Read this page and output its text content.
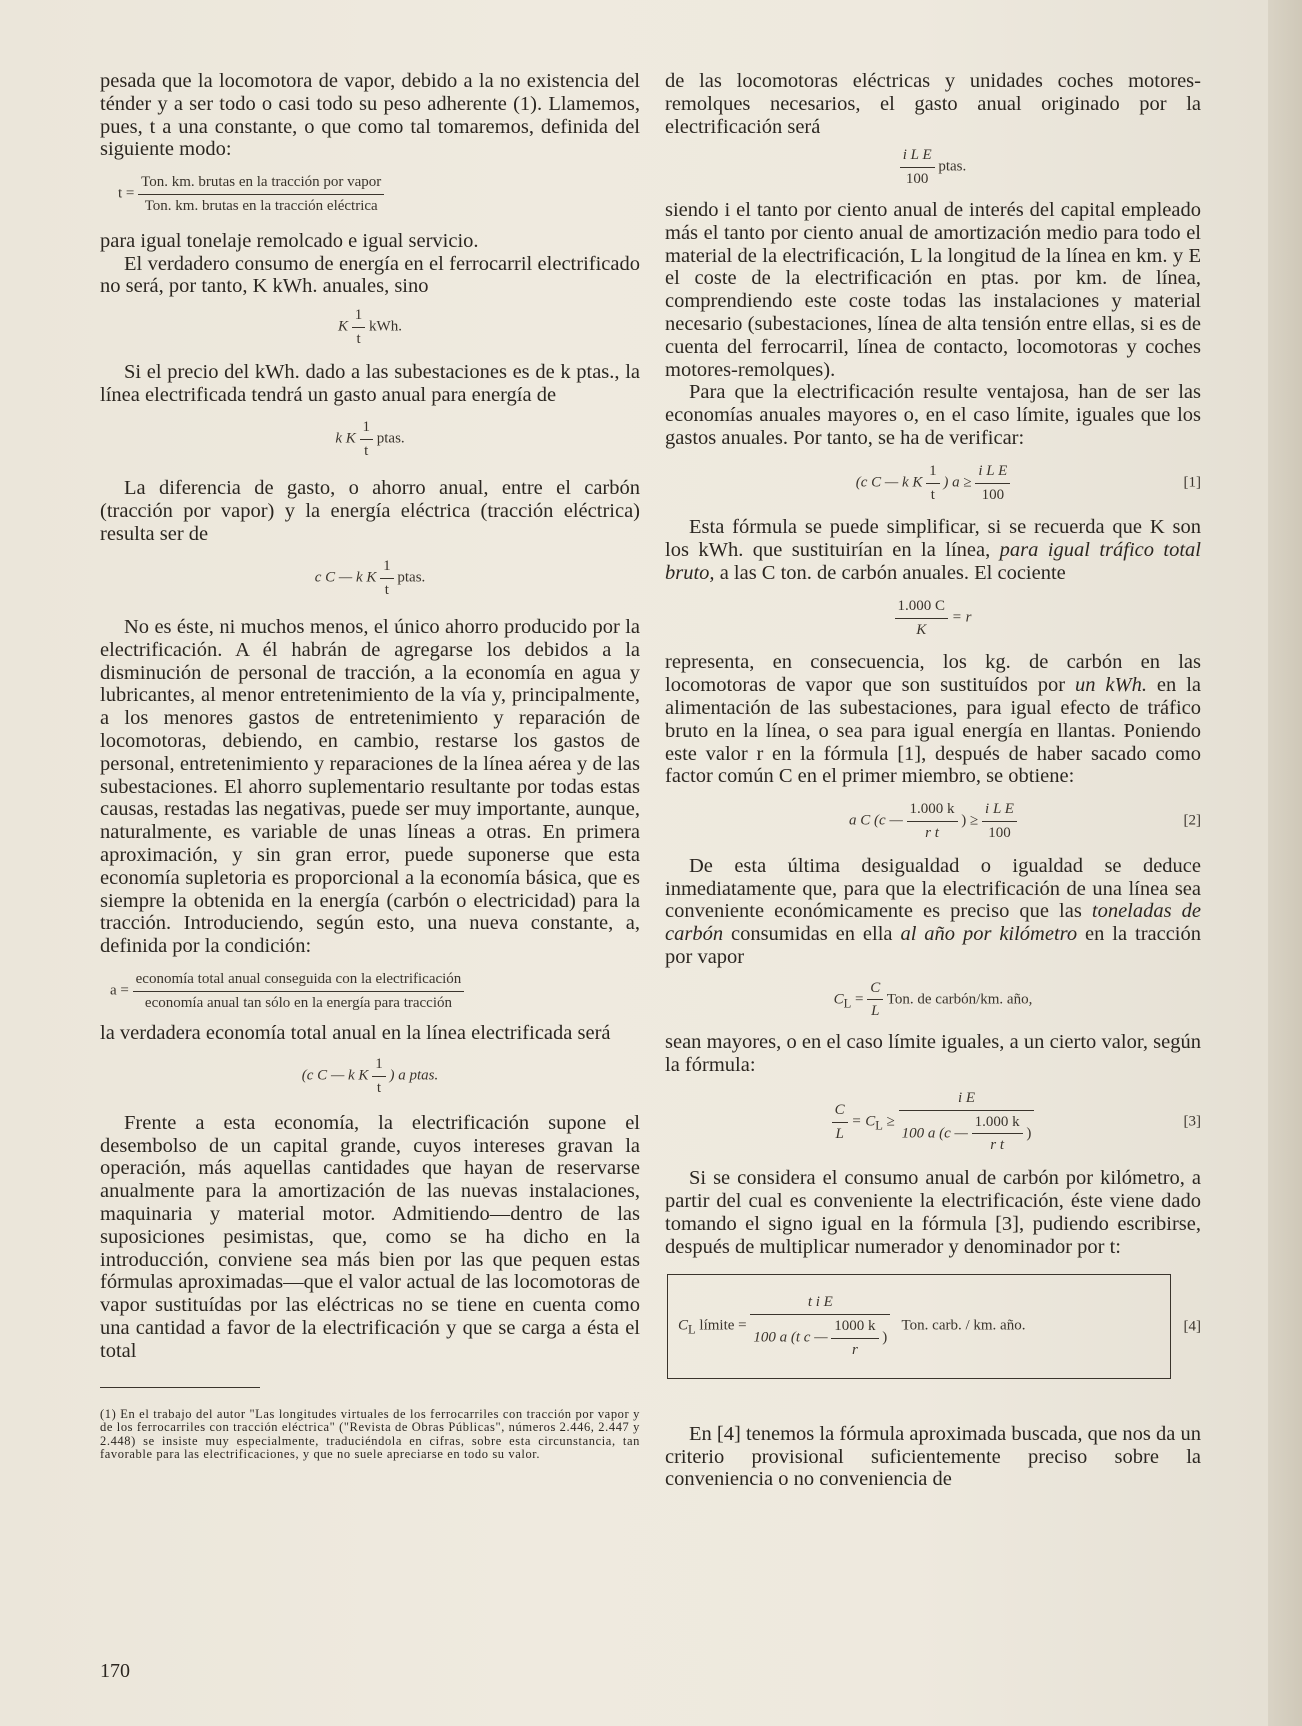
pesada que la locomotora de vapor, debido a la no existencia del ténder y a ser todo o casi todo su peso adherente (1). Llamemos, pues, t a una constante, o que como tal tomaremos, definida del siguiente modo:

$t = \frac{\text{Ton. km. brutas en la tracción por vapor}}{\text{Ton. km. brutas en la tracción eléctrica}}$

para igual tonelaje remolcado e igual servicio.

El verdadero consumo de energía en el ferrocarril electrificado no será, por tanto, K kWh. anuales, sino

K $\frac{1}{t}$ kWh.

Si el precio del kWh. dado a las subestaciones es de k ptas., la línea electrificada tendrá un gasto anual para energía de

k K $\frac{1}{t}$ ptas.

La diferencia de gasto, o ahorro anual, entre el carbón (tracción por vapor) y la energía eléctrica (tracción eléctrica) resulta ser de

c C — k K $\frac{1}{t}$ ptas.

No es éste, ni muchos menos, el único ahorro producido por la electrificación. A él habrán de agregarse los debidos a la disminución de personal de tracción, a la economía en agua y lubricantes, al menor entretenimiento de la vía y, principalmente, a los menores gastos de entretenimiento y reparación de locomotoras, debiendo, en cambio, restarse los gastos de personal, entretenimiento y reparaciones de la línea aérea y de las subestaciones. El ahorro suplementario resultante por todas estas causas, restadas las negativas, puede ser muy importante, aunque, naturalmente, es variable de unas líneas a otras. En primera aproximación, y sin gran error, puede suponerse que esta economía supletoria es proporcional a la economía básica, que es siempre la obtenida en la energía (carbón o electricidad) para la tracción. Introduciendo, según esto, una nueva constante, a, definida por la condición:

$a = \frac{\text{economía total anual conseguida con la electrificación}}{\text{economía anual tan sólo en la energía para tracción}}$

la verdadera economía total anual en la línea electrificada será

(c C — k K $\frac{1}{t}$ ) a ptas.

Frente a esta economía, la electrificación supone el desembolso de un capital grande, cuyos intereses gravan la operación, más aquellas cantidades que hayan de reservarse anualmente para la amortización de las nuevas instalaciones, maquinaria y material motor. Admitiendo—dentro de las suposiciones pesimistas, que, como se ha dicho en la introducción, conviene sea más bien por las que pequen estas fórmulas aproximadas—que el valor actual de las locomotoras de vapor sustituídas por las eléctricas no se tiene en cuenta como una cantidad a favor de la electrificación y que se carga a ésta el total

(1) En el trabajo del autor "Las longitudes virtuales de los ferrocarriles con tracción por vapor y de los ferrocarriles con tracción eléctrica" ("Revista de Obras Públicas", números 2.446, 2.447 y 2.448) se insiste muy especialmente, traduciéndola en cifras, sobre esta circunstancia, tan favorable para las electrificaciones, y que no suele apreciarse en todo su valor.

170

de las locomotoras eléctricas y unidades coches motores-remolques necesarios, el gasto anual originado por la electrificación será

$\frac{\text{i L E}}{100}$ ptas.

siendo i el tanto por ciento anual de interés del capital empleado más el tanto por ciento anual de amortización medio para todo el material de la electrificación, L la longitud de la línea en km. y E el coste de la electrificación en ptas. por km. de línea, comprendiendo este coste todas las instalaciones y material necesario (subestaciones, línea de alta tensión entre ellas, si es de cuenta del ferrocarril, línea de contacto, locomotoras y coches motores-remolques).

Para que la electrificación resulte ventajosa, han de ser las economías anuales mayores o, en el caso límite, iguales que los gastos anuales. Por tanto, se ha de verificar:

(c C — k K $\frac{1}{t}$ ) $a \ge \frac{\text{i L E}}{100}$	[1]

Esta fórmula se puede simplificar, si se recuerda que K son los kWh. que sustituirían en la línea, para igual tráfico total bruto, a las C ton. de carbón anuales. El cociente

$\frac{1.000 C}{K} = r$

representa, en consecuencia, los kg. de carbón en las locomotoras de vapor que son sustituídos por un kWh. en la alimentación de las subestaciones, para igual efecto de tráfico bruto en la línea, o sea para igual energía en llantas. Poniendo este valor r en la fórmula [1], después de haber sacado como factor común C en el primer miembro, se obtiene:

a C (c — $\frac{1.000 k}{\text{r t}}$ ) ≥ $\frac{\text{i L E}}{100}$	[2]

De esta última desigualdad o igualdad se deduce inmediatamente que, para que la electrificación de una línea sea conveniente económicamente es preciso que las toneladas de carbón consumidas en ella al año por kilómetro en la tracción por vapor

$C_L = \frac{C}{L}$ Ton. de carbón/km. año,

sean mayores, o en el caso límite iguales, a un cierto valor, según la fórmula:

$\frac{C}{L} = C_L \ge \frac{\text{i E}}{100 a (c — \frac{1.000 k}{\text{r t}} )}$	[3]

Si se considera el consumo anual de carbón por kilómetro, a partir del cual es conveniente la electrificación, éste viene dado tomando el signo igual en la fórmula [3], pudiendo escribirse, después de multiplicar numerador y denominador por t:

$C_L$ límite = $\frac{\text{t i E}}{100 a (t c — \frac{1000 k}{r} )}$ Ton. carb. / km. año.	[4]

En [4] tenemos la fórmula aproximada buscada, que nos da un criterio provisional suficientemente preciso sobre la conveniencia o no conveniencia de
